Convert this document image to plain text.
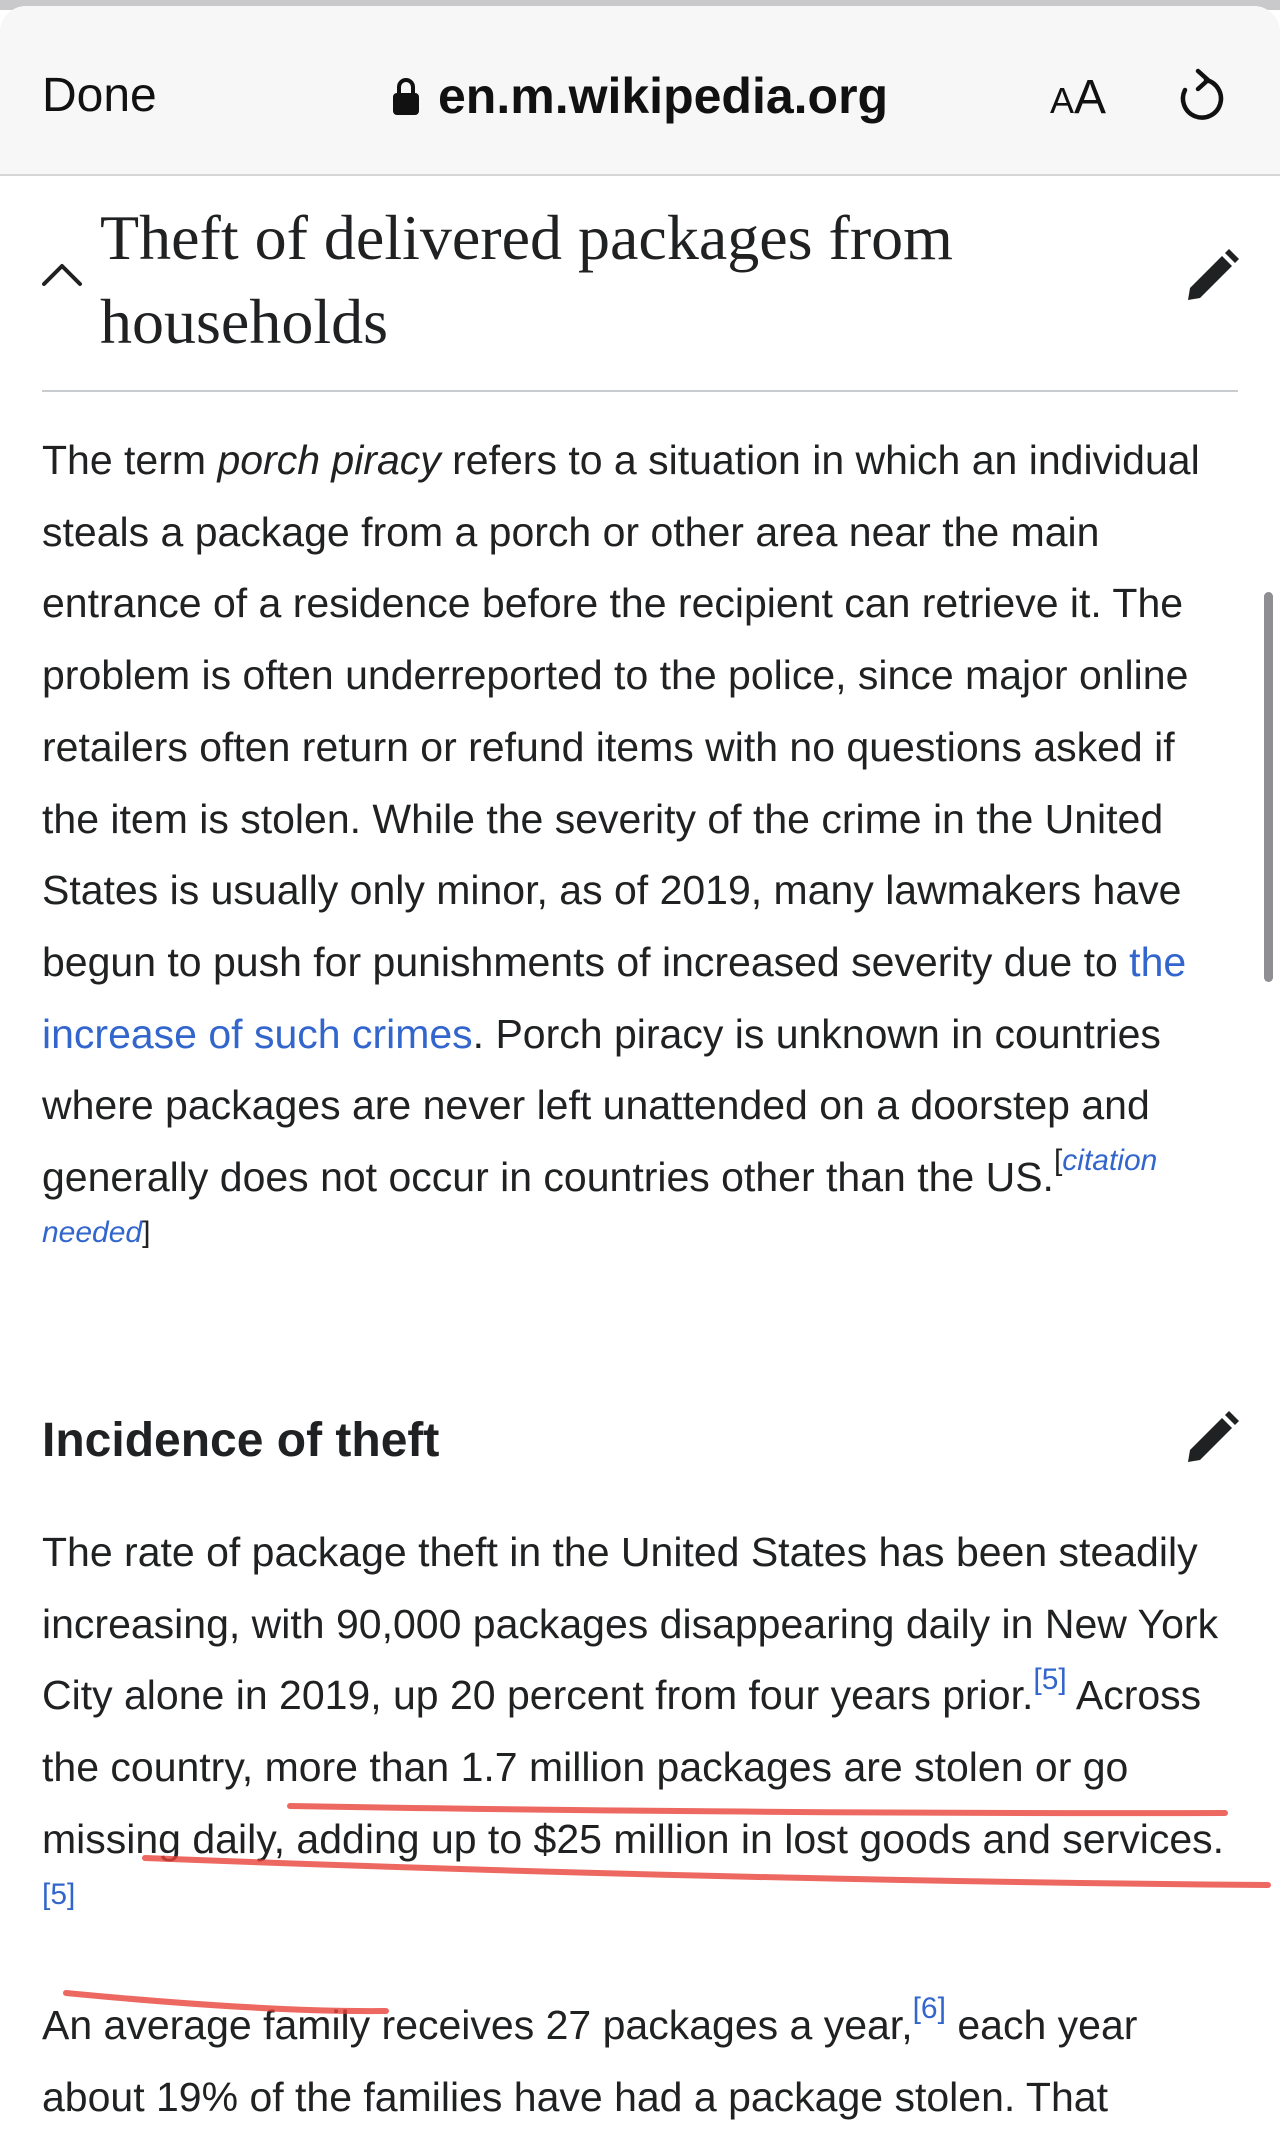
Done	en.m.wikipedia.org	AA
Theft of delivered packages from households

The term porch piracy refers to a situation in which an individual steals a package from a porch or other area near the main entrance of a residence before the recipient can retrieve it. The problem is often underreported to the police, since major online retailers often return or refund items with no questions asked if the item is stolen. While the severity of the crime in the United States is usually only minor, as of 2019, many lawmakers have begun to push for punishments of increased severity due to the increase of such crimes. Porch piracy is unknown in countries where packages are never left unattended on a doorstep and generally does not occur in countries other than the US.[citation needed]

Incidence of theft

The rate of package theft in the United States has been steadily increasing, with 90,000 packages disappearing daily in New York City alone in 2019, up 20 percent from four years prior.[5] Across the country, more than 1.7 million packages are stolen or go missing daily, adding up to $25 million in lost goods and services.[5]

An average family receives 27 packages a year,[6] each year about 19% of the families have had a package stolen. That
